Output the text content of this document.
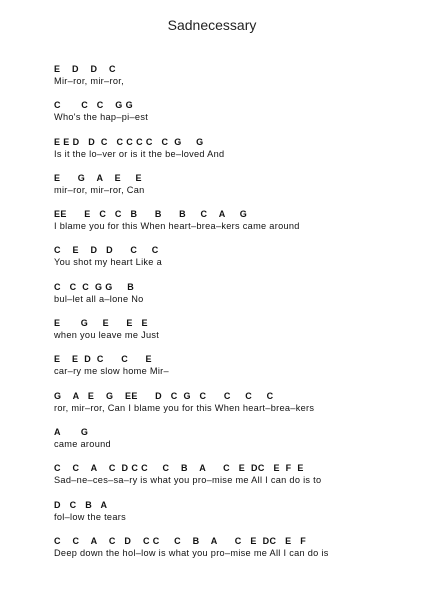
Sadnecessary
E    D    D    C
Mir–ror, mir–ror,
C       C   C    G G
Who's the hap–pi–est
E E D   D  C   C C C C   C  G     G
Is it the lo–ver or is it the be–loved And
E      G    A    E     E
mir–ror, mir–ror, Can
EE      E   C   C   B      B      B     C    A     G
I blame you for this When heart–brea–kers came around
C    E    D   D      C     C
You shot my heart Like a
C   C  C  G G     B
bul–let all a–lone No
E       G     E      E   E
when you leave me Just
E    E  D  C      C      E
car–ry me slow home Mir–
G    A   E    G    EE      D   C  G   C      C     C     C
ror, mir–ror, Can I blame you for this When heart–brea–kers
A       G
came around
C    C    A    C  D C C     C    B    A      C   E  DC   E  F  E
Sad–ne–ces–sa–ry is what you pro–mise me All I can do is to
D   C   B   A
fol–low the tears
C    C    A    C   D    C C     C    B    A      C   E  DC   E   F
Deep down the hol–low is what you pro–mise me All I can do is
